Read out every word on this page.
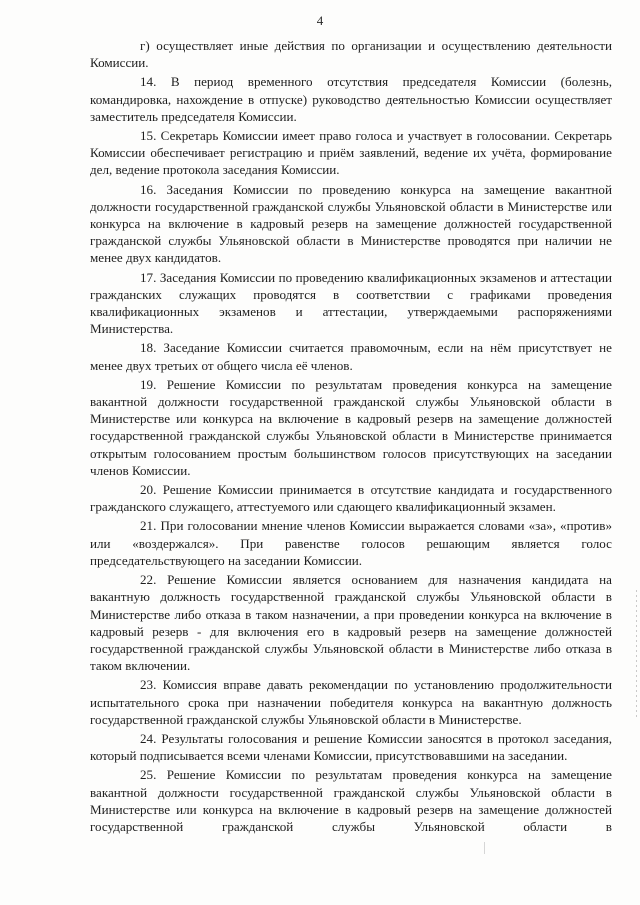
4

г) осуществляет иные действия по организации и осуществлению деятельности Комиссии.

14. В период временного отсутствия председателя Комиссии (болезнь, командировка, нахождение в отпуске) руководство деятельностью Комиссии осуществляет заместитель председателя Комиссии.

15. Секретарь Комиссии имеет право голоса и участвует в голосовании. Секретарь Комиссии обеспечивает регистрацию и приём заявлений, ведение их учёта, формирование дел, ведение протокола заседания Комиссии.

16. Заседания Комиссии по проведению конкурса на замещение вакантной должности государственной гражданской службы Ульяновской области в Министерстве или конкурса на включение в кадровый резерв на замещение должностей государственной гражданской службы Ульяновской области в Министерстве проводятся при наличии не менее двух кандидатов.

17. Заседания Комиссии по проведению квалификационных экзаменов и аттестации гражданских служащих проводятся в соответствии с графиками проведения квалификационных экзаменов и аттестации, утверждаемыми распоряжениями Министерства.

18. Заседание Комиссии считается правомочным, если на нём присутствует не менее двух третьих от общего числа её членов.

19. Решение Комиссии по результатам проведения конкурса на замещение вакантной должности государственной гражданской службы Ульяновской области в Министерстве или конкурса на включение в кадровый резерв на замещение должностей государственной гражданской службы Ульяновской области в Министерстве принимается открытым голосованием простым большинством голосов присутствующих на заседании членов Комиссии.

20. Решение Комиссии принимается в отсутствие кандидата и государственного гражданского служащего, аттестуемого или сдающего квалификационный экзамен.

21. При голосовании мнение членов Комиссии выражается словами «за», «против» или «воздержался». При равенстве голосов решающим является голос председательствующего на заседании Комиссии.

22. Решение Комиссии является основанием для назначения кандидата на вакантную должность государственной гражданской службы Ульяновской области в Министерстве либо отказа в таком назначении, а при проведении конкурса на включение в кадровый резерв - для включения его в кадровый резерв на замещение должностей государственной гражданской службы Ульяновской области в Министерстве либо отказа в таком включении.

23. Комиссия вправе давать рекомендации по установлению продолжительности испытательного срока при назначении победителя конкурса на вакантную должность государственной гражданской службы Ульяновской области в Министерстве.

24. Результаты голосования и решение Комиссии заносятся в протокол заседания, который подписывается всеми членами Комиссии, присутствовавшими на заседании.

25. Решение Комиссии по результатам проведения конкурса на замещение вакантной должности государственной гражданской службы Ульяновской области в Министерстве или конкурса на включение в кадровый резерв на замещение должностей государственной гражданской службы Ульяновской области в
